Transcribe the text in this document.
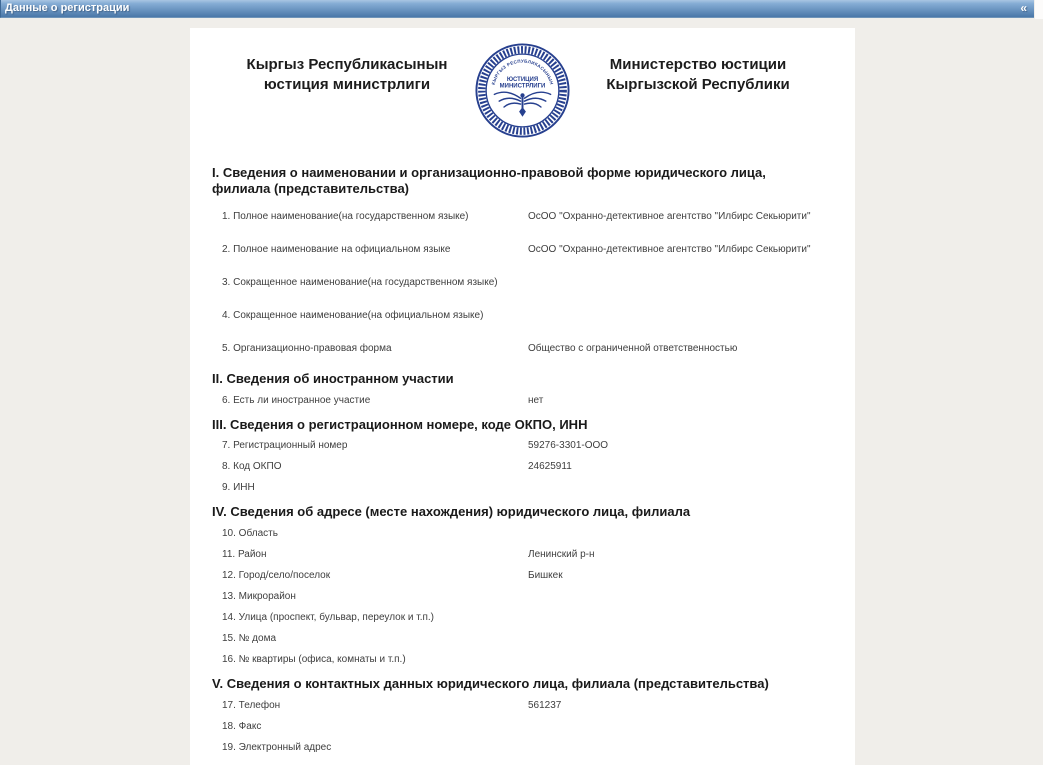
Данные о регистрации	«
Кыргыз Республикасынын юстиция министрлиги	КЫРГЫЗ РЕСПУБЛИКАСЫНЫН
ЮСТИЦИЯ
МИНИСТРЛИГИ
Министерство юстиции Кыргызской Республики
I. Сведения о наименовании и организационно-правовой форме юридического лица, филиала (представительства)
1. Полное наименование(на государственном языке)	ОсОО "Охранно-детективное агентство "Илбирс Секьюрити"
2. Полное наименование на официальном языке	ОсОО "Охранно-детективное агентство "Илбирс Секьюрити"
3. Сокращенное наименование(на государственном языке)
4. Сокращенное наименование(на официальном языке)
5. Организационно-правовая форма	Общество с ограниченной ответственностью
II. Сведения об иностранном участии
6. Есть ли иностранное участие	нет
III. Сведения о регистрационном номере, коде ОКПО, ИНН
7. Регистрационный номер	59276-3301-ООО
8. Код ОКПО	24625911
9. ИНН
IV. Сведения об адресе (месте нахождения) юридического лица, филиала
10. Область
11. Район	Ленинский р-н
12. Город/село/поселок	Бишкек
13. Микрорайон
14. Улица (проспект, бульвар, переулок и т.п.)
15. № дома
16. № квартиры (офиса, комнаты и т.п.)
V. Сведения о контактных данных юридического лица, филиала (представительства)
17. Телефон	561237
18. Факс
19. Электронный адрес
